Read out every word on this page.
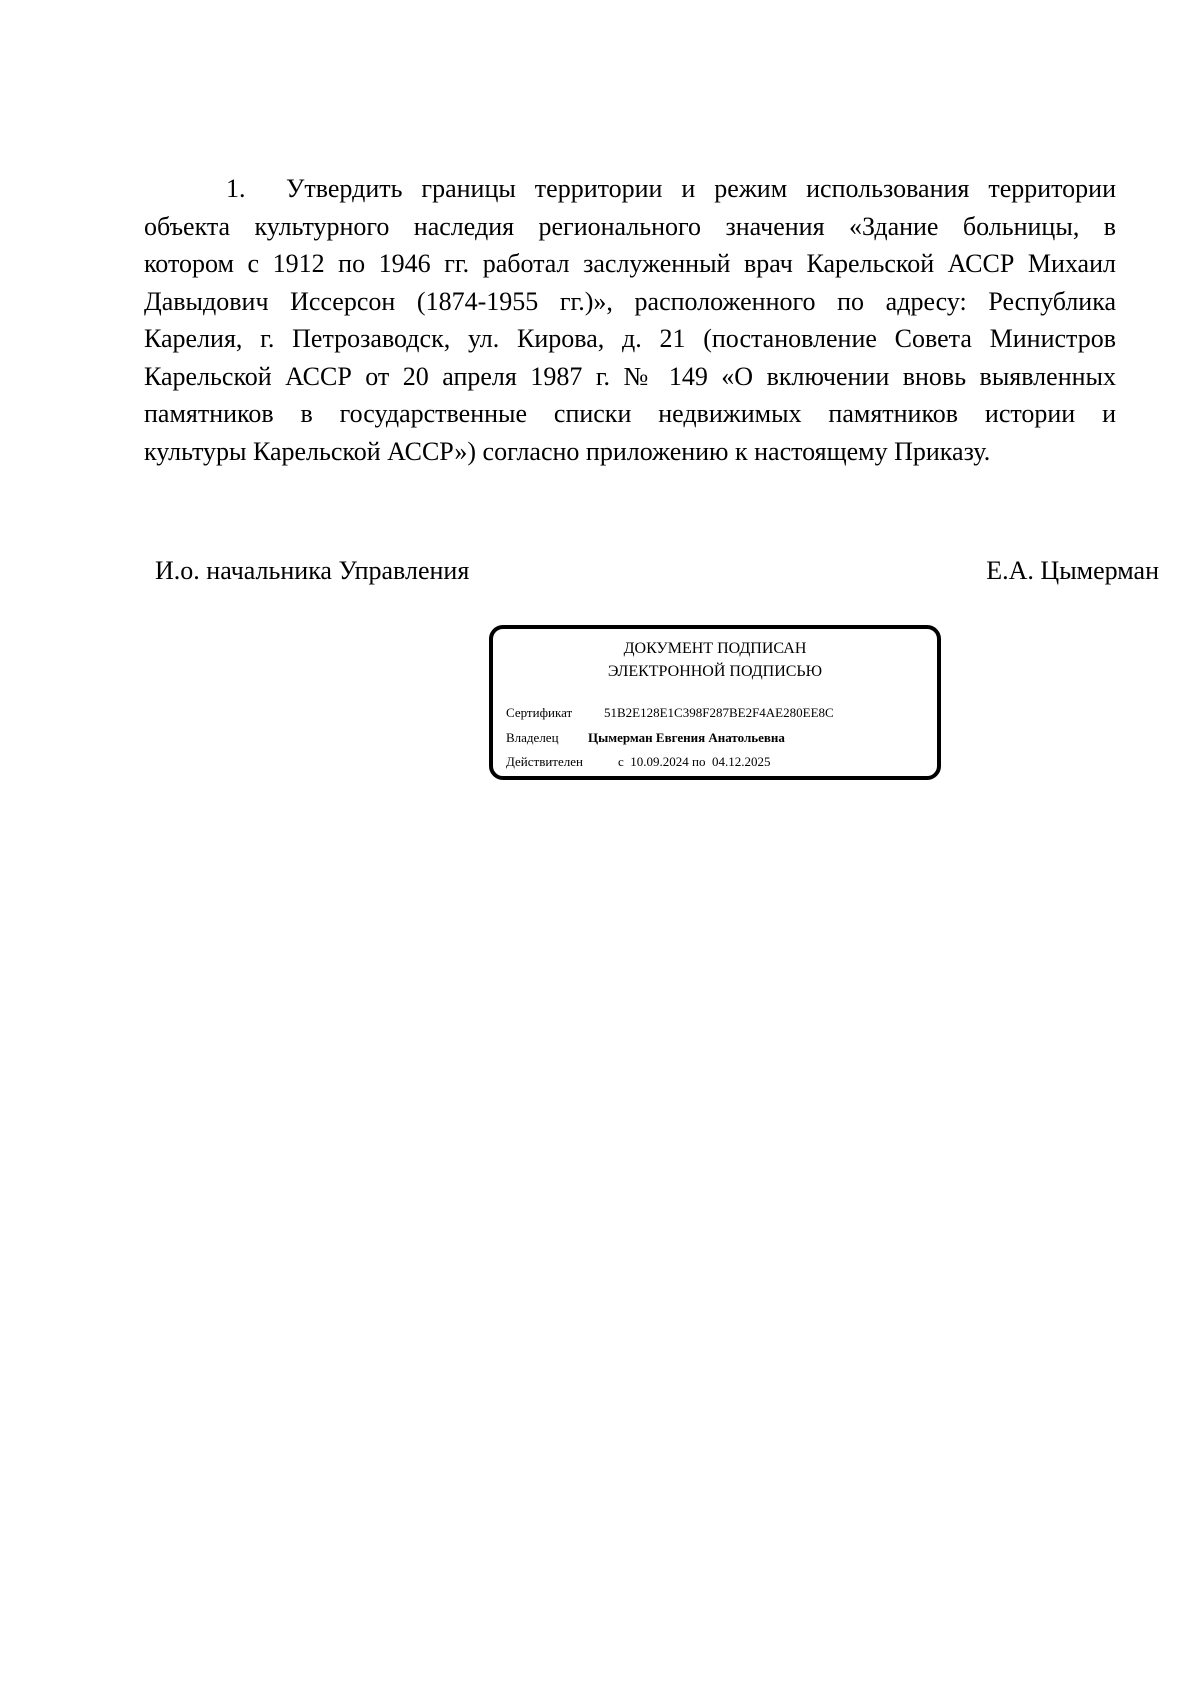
1. Утвердить границы территории и режим использования территории
объекта культурного наследия регионального значения «Здание больницы, в
котором с 1912 по 1946 гг. работал заслуженный врач Карельской АССР Михаил
Давыдович Иссерсон (1874-1955 гг.)», расположенного по адресу: Республика
Карелия, г. Петрозаводск, ул. Кирова, д. 21 (постановление Совета Министров
Карельской АССР от 20 апреля 1987 г. № 149 «О включении вновь выявленных
памятников в государственные списки недвижимых памятников истории и
культуры Карельской АССР») согласно приложению к настоящему Приказу.
И.о. начальника Управления	Е.А. Цымерман
ДОКУМЕНТ ПОДПИСАН
ЭЛЕКТРОННОЙ ПОДПИСЬЮ
Сертификат 51B2E128E1C398F287BE2F4AE280EE8C
Владелец Цымерман Евгения Анатольевна
Действителен	с  10.09.2024 по  04.12.2025
